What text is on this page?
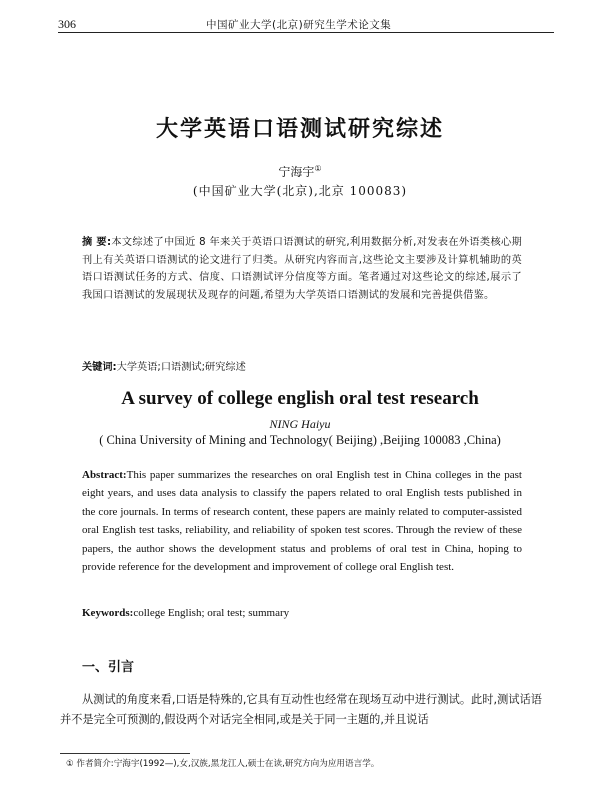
306	中国矿业大学(北京)研究生学术论文集
大学英语口语测试研究综述
宁海宇①
(中国矿业大学(北京),北京 100083)
摘 要:本文综述了中国近 8 年来关于英语口语测试的研究,利用数据分析,对发表在外语类核心期刊上有关英语口语测试的论文进行了归类。从研究内容而言,这些论文主要涉及计算机辅助的英语口语测试任务的方式、信度、口语测试评分信度等方面。笔者通过对这些论文的综述,展示了我国口语测试的发展现状及现存的问题,希望为大学英语口语测试的发展和完善提供借鉴。
关键词:大学英语;口语测试;研究综述
A survey of college english oral test research
NING Haiyu
( China University of Mining and Technology( Beijing) ,Beijing 100083 ,China)
Abstract:This paper summarizes the researches on oral English test in China colleges in the past eight years, and uses data analysis to classify the papers related to oral English tests published in the core journals. In terms of research content, these papers are mainly related to computer-assisted oral English test tasks, reliability, and reliability of spoken test scores. Through the review of these papers, the author shows the development status and problems of oral test in China, hoping to provide reference for the development and improvement of college oral English test.
Keywords:college English; oral test; summary
一、引言
从测试的角度来看,口语是特殊的,它具有互动性也经常在现场互动中进行测试。此时,测试话语并不是完全可预测的,假设两个对话完全相同,或是关于同一主题的,并且说话
① 作者简介:宁海宇(1992—),女,汉族,黑龙江人,硕士在读,研究方向为应用语言学。
